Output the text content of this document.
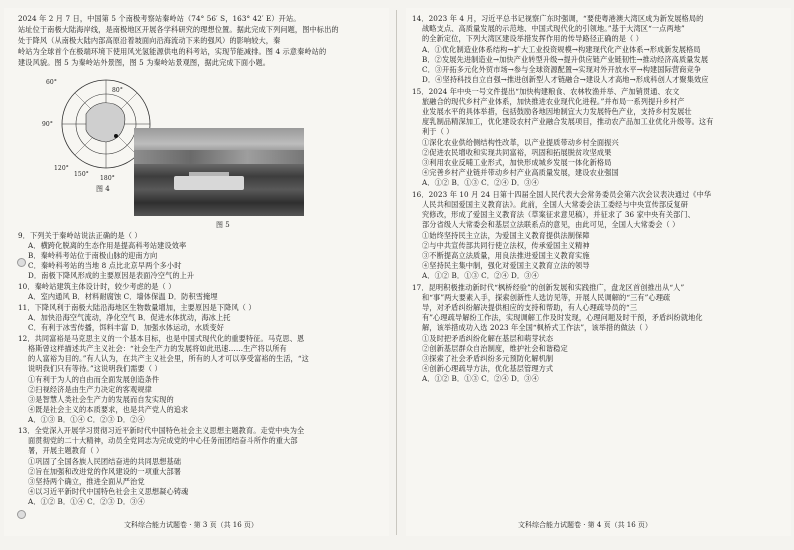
2024 年 2 月 7 日，中国第 5 个南极考察站秦岭站（74° 56′ S，163° 42′ E）开站。
站址位于南极大陆海岸线，是南极地区开展各学科研究的理想位置。据此完成下列问题，图中标出的
处于降风（从南极大陆内部高原沿着坡面向沿海流动下来的强风）的影响较大，秦
岭站为全球首个在极端环境下使用风光氢能源供电的科考站，实现节能减排。图 4 示意秦岭站的
建设风貌。图 5 为秦岭站外景图，图 5 为秦岭站景观图，据此完成下面小题。
60°
80°
90°
180°
120°
150°
图 4
图 5
9．下列关于秦岭站说法正确的是（ ）
A．横跨化脱离的生态作用是提高科考站建设效率
B．秦岭科考站位于南极山脉的迎南方向
C．秦岭科考站的当地 8 点比北京早两个多小时
D．南极下降风形成的主要原因是表面冷空气的上升
10．秦岭站建筑主体设计时，较少考虑的是（ ）
A．室内通风 B．材料耐腐蚀 C．墙体保温 D．防积雪掩埋
11．下降风利于南极大陆沿海地区生物数量增加，主要原因是下降风（ ）
A．加快沿海空气流动，净化空气 B．促进水体扰动，海冰上托
C．有利于冰雪传播，饵料丰富 D．加强水体运动，水质变好
12．共同富裕是马克思主义的一个基本目标，也是中国式现代化的重要特征。马克思、恩
格斯曾这样描述共产主义社会：“社会生产力的发展将如此迅速……生产将以所有
的人富裕为目的。”有人认为，在共产主义社会里，所有的人才可以享受富裕的生活，“这
说明我们只有等待。”这说明我们需要（ ）
①有利于为人的自由而全面发展创造条件
②扫视经济是由生产力决定的客观规律
③是智慧人类社会生产力的发展而自发实现的
④既是社会主义的本质要求，也是共产党人的追求
A．①③ B．①④ C．②③ D．②④
13．全党深入开展学习贯彻习近平新时代中国特色社会主义思想主题教育。走党中央为全
面贯彻党的二十大精神，动员全党同志为完成党的中心任务而团结奋斗所作的重大部
署，开展主题教育（ ）
①巩固了全国各族人民团结奋进的共同思想基础
②旨在加强和改进党的作风建设的一项重大部署
③坚持两个确立，推进全面从严治党
④以习近平新时代中国特色社会主义思想凝心铸魂
A．①② B．①④ C．②③ D．③④
文科综合能力试题卷 · 第 3 页（共 16 页）
14．2023 年 4 月，习近平总书记视察广东时强调，“要使粤港澳大湾区成为新发展格局的
战略支点、高质量发展的示范地、中国式现代化的引领地。”基于大湾区“一点两地”
的全新定位，下列大湾区建设举措发挥作用的传导路径正确的是（ ）
A．①优化制造业体系结构→扩大工业投资规模→构建现代化产业体系→形成新发展格局
B．②发展先进制造业→加快产业转型升级→提升供应链产业链韧性→推动经济高质量发展
C．③开拓多元化外贸市场→参与全球资源配置→实现对外开放水平→构建国际营商竞争
D．④坚持科技自立自强→推进创新型人才链融合→建设人才高地→形成科创人才聚集效应
15．2024 年中央一号文件提出“加快构建粮食、农林牧渔并举、产加销贯通、农文
旅融合的现代乡村产业体系，加快推进农业现代化进程。”并布局一系列提升乡村产
业发展水平的具体举措，包括鼓励各地因地制宜大力发展特色产业，支持乡村发展壮
度乳制品精深加工，优化建设农村产业融合发展项目，推动农产品加工业优化升级等。这有
利于（ ）
①深化农业供给侧结构性改革，以产业提质带动乡村全面振兴
②促进农民增收和实现共同富裕，巩固和拓展脱贫攻坚成果
③利用农业反哺工业形式，加快形成城乡发展一体化新格局
④完善乡村产业链并带动乡村产业高质量发展，建设农业强国
A．①② B．①③ C．②④ D．③④
16．2023 年 10 月 24 日第十四届全国人民代表大会常务委员会第六次会议表决通过《中华
人民共和国爱国主义教育法》。此前，全国人大常委会法工委经与中央宣传部反复研
究修改，形成了爱国主义教育法（草案征求意见稿），并征求了 36 家中央有关部门、
部分省级人大常委会和基层立法联系点的意见，由此可见，全国人大常委会（ ）
①始终坚持民主立法，为爱国主义教育提供法制保障
②与中共宣传部共同行使立法权，传承爱国主义精神
③不断提高立法质量，用良法推进爱国主义教育实施
④坚持民主集中制，强化对爱国主义教育立法的领导
A．①② B．①③ C．②④ D．③④
17．昆明积极推动新时代“枫桥经验”的创新发展和实践推广，盘龙区首创推出从“人”
和“事”两大要素入手，探索创新性人选访见等，开展人民调解的“三有”心理疏
导，对矛盾纠纷解决提供相应的支持和帮助，有人心理疏导员的“三
有”心理疏导解纷工作法，实现调解工作及时发现，心理问题及时干预，矛盾纠纷就地化
解，该举措成功入选 2023 年全国“枫桥式工作法”，该举措的做法（ ）
①及时把矛盾纠纷化解在基层和萌芽状态
②创新基层群众自治制度，维护社会和谐稳定
③探索了社会矛盾纠纷多元预防化解机制
④创新心理疏导方法，优化基层管理方式
A．①② B．①③ C．②④ D．③④
文科综合能力试题卷 · 第 4 页（共 16 页）
